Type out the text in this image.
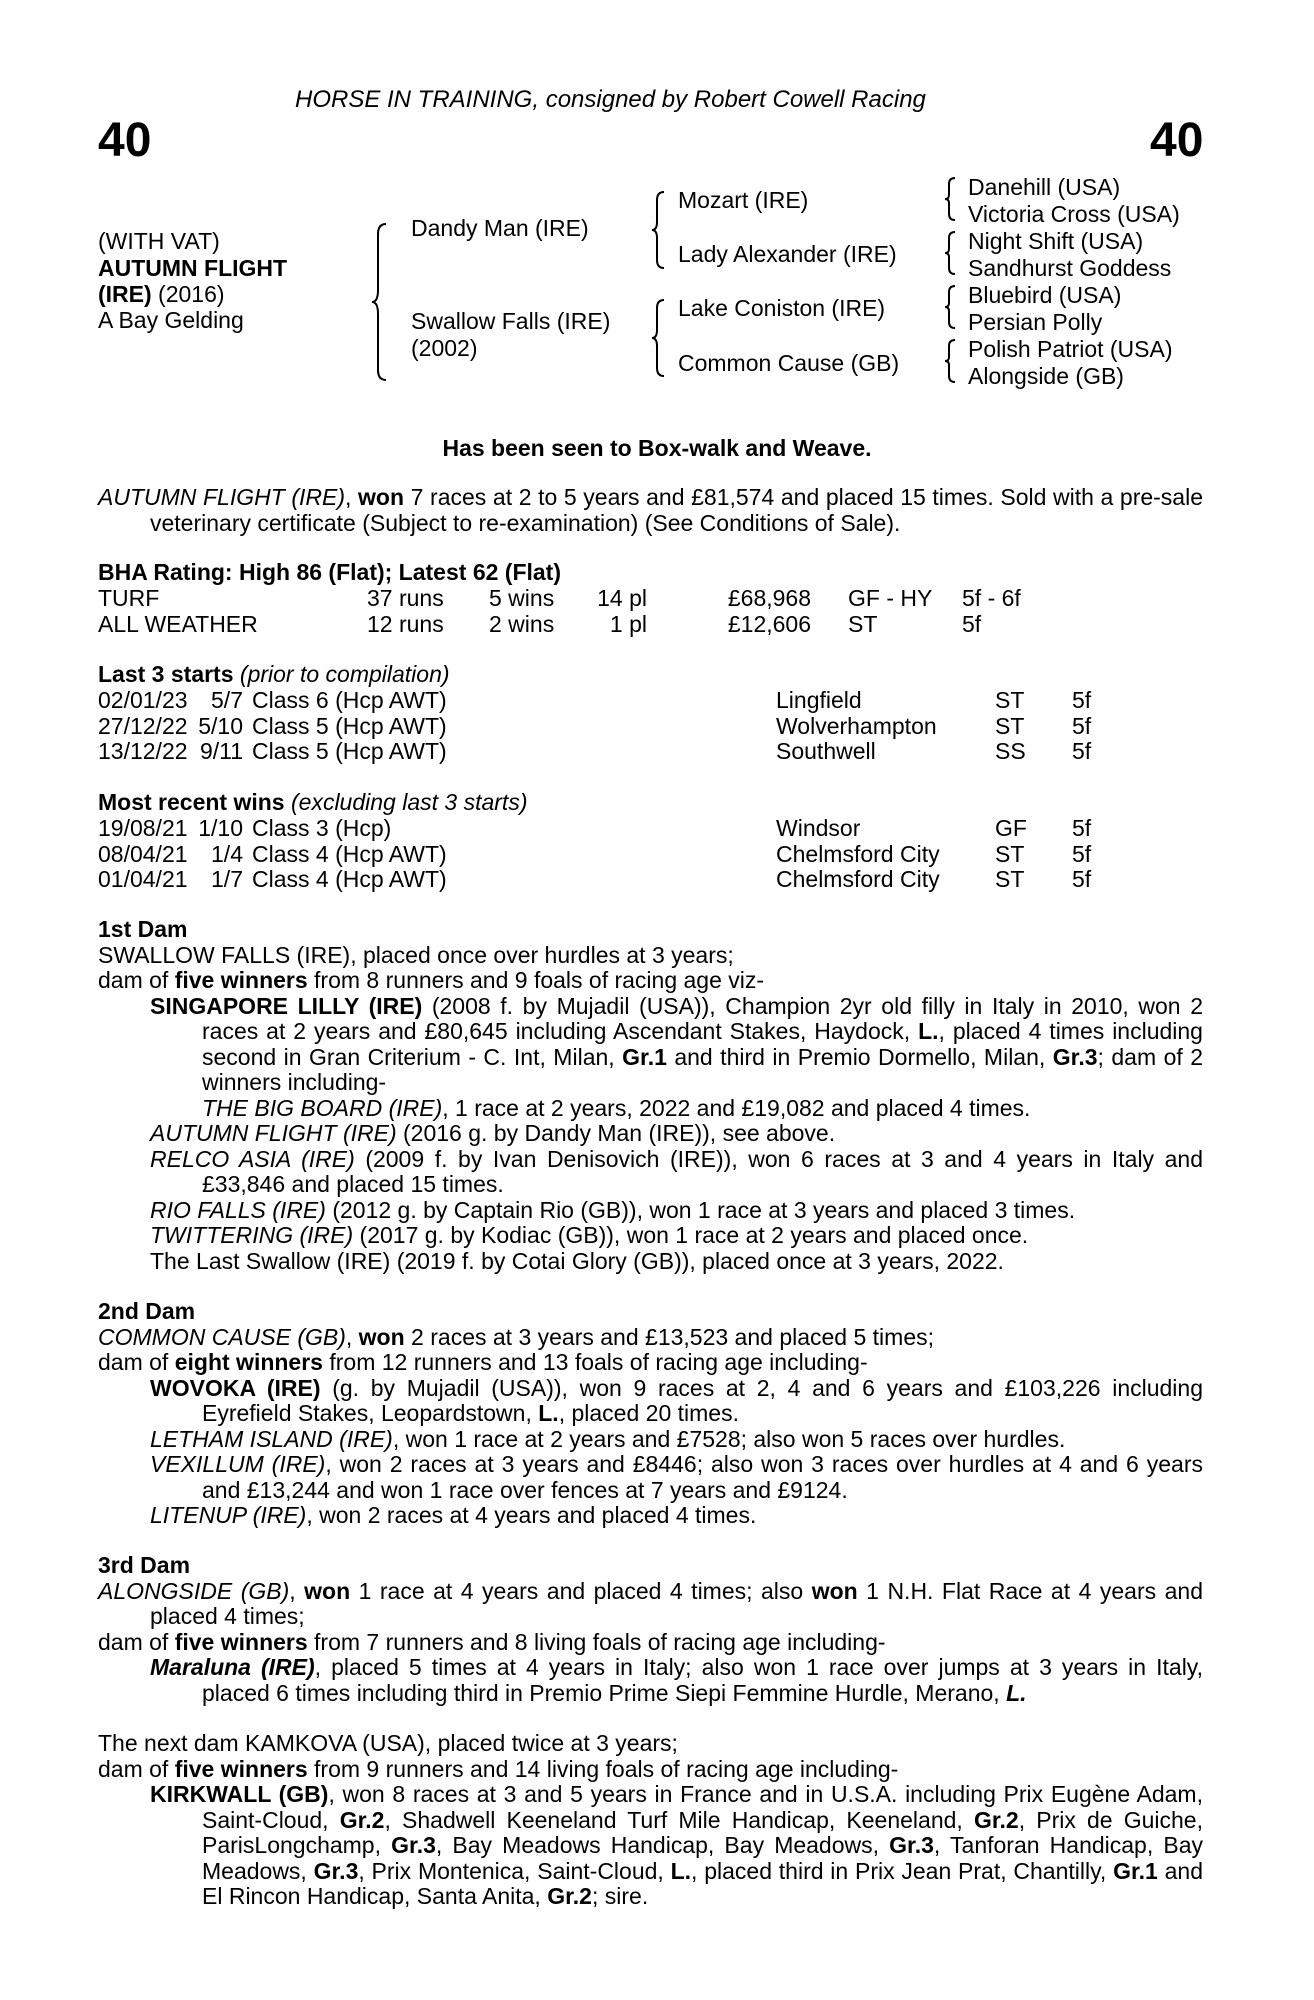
HORSE IN TRAINING, consigned by Robert Cowell Racing
40	40
(WITH VAT)
AUTUMN FLIGHT
(IRE) (2016)
A Bay Gelding
Dandy Man (IRE)
Swallow Falls (IRE)
(2002)
Mozart (IRE)
Lady Alexander (IRE)
Lake Coniston (IRE)
Common Cause (GB)
Danehill (USA)
Victoria Cross (USA)
Night Shift (USA)
Sandhurst Goddess
Bluebird (USA)
Persian Polly
Polish Patriot (USA)
Alongside (GB)
Has been seen to Box-walk and Weave.

AUTUMN FLIGHT (IRE), won 7 races at 2 to 5 years and £81,574 and placed 15 times. Sold with a pre-sale veterinary certificate (Subject to re-examination) (See Conditions of Sale).

BHA Rating: High 86 (Flat); Latest 62 (Flat)
TURF	37 runs	5 wins	14 pl	£68,968	GF - HY	5f - 6f
ALL WEATHER	12 runs	2 wins	1 pl	£12,606	ST	5f
Last 3 starts (prior to compilation)
02/01/23	5/7 Class 6 (Hcp AWT)	Lingfield	ST	5f
27/12/22 5/10 Class 5 (Hcp AWT)	Wolverhampton	ST	5f
13/12/22 9/11 Class 5 (Hcp AWT)	Southwell	SS	5f
Most recent wins (excluding last 3 starts)
19/08/21 1/10 Class 3 (Hcp)	Windsor	GF	5f
08/04/21	1/4 Class 4 (Hcp AWT)	Chelmsford City	ST	5f
01/04/21	1/7 Class 4 (Hcp AWT)	Chelmsford City	ST	5f

1st Dam

SWALLOW FALLS (IRE), placed once over hurdles at 3 years;

dam of five winners from 8 runners and 9 foals of racing age viz-

SINGAPORE LILLY (IRE) (2008 f. by Mujadil (USA)), Champion 2yr old filly in Italy in 2010, won 2 races at 2 years and £80,645 including Ascendant Stakes, Haydock, L., placed 4 times including second in Gran Criterium - C. Int, Milan, Gr.1 and third in Premio Dormello, Milan, Gr.3; dam of 2 winners including-

THE BIG BOARD (IRE), 1 race at 2 years, 2022 and £19,082 and placed 4 times.

AUTUMN FLIGHT (IRE) (2016 g. by Dandy Man (IRE)), see above.

RELCO ASIA (IRE) (2009 f. by Ivan Denisovich (IRE)), won 6 races at 3 and 4 years in Italy and £33,846 and placed 15 times.

RIO FALLS (IRE) (2012 g. by Captain Rio (GB)), won 1 race at 3 years and placed 3 times.

TWITTERING (IRE) (2017 g. by Kodiac (GB)), won 1 race at 2 years and placed once.

The Last Swallow (IRE) (2019 f. by Cotai Glory (GB)), placed once at 3 years, 2022.

2nd Dam

COMMON CAUSE (GB), won 2 races at 3 years and £13,523 and placed 5 times;

dam of eight winners from 12 runners and 13 foals of racing age including-

WOVOKA (IRE) (g. by Mujadil (USA)), won 9 races at 2, 4 and 6 years and £103,226 including Eyrefield Stakes, Leopardstown, L., placed 20 times.

LETHAM ISLAND (IRE), won 1 race at 2 years and £7528; also won 5 races over hurdles.

VEXILLUM (IRE), won 2 races at 3 years and £8446; also won 3 races over hurdles at 4 and 6 years and £13,244 and won 1 race over fences at 7 years and £9124.

LITENUP (IRE), won 2 races at 4 years and placed 4 times.

3rd Dam

ALONGSIDE (GB), won 1 race at 4 years and placed 4 times; also won 1 N.H. Flat Race at 4 years and placed 4 times;

dam of five winners from 7 runners and 8 living foals of racing age including-

Maraluna (IRE), placed 5 times at 4 years in Italy; also won 1 race over jumps at 3 years in Italy, placed 6 times including third in Premio Prime Siepi Femmine Hurdle, Merano, L.

The next dam KAMKOVA (USA), placed twice at 3 years;

dam of five winners from 9 runners and 14 living foals of racing age including-

KIRKWALL (GB), won 8 races at 3 and 5 years in France and in U.S.A. including Prix Eugène Adam, Saint-Cloud, Gr.2, Shadwell Keeneland Turf Mile Handicap, Keeneland, Gr.2, Prix de Guiche, ParisLongchamp, Gr.3, Bay Meadows Handicap, Bay Meadows, Gr.3, Tanforan Handicap, Bay Meadows, Gr.3, Prix Montenica, Saint-Cloud, L., placed third in Prix Jean Prat, Chantilly, Gr.1 and El Rincon Handicap, Santa Anita, Gr.2; sire.
